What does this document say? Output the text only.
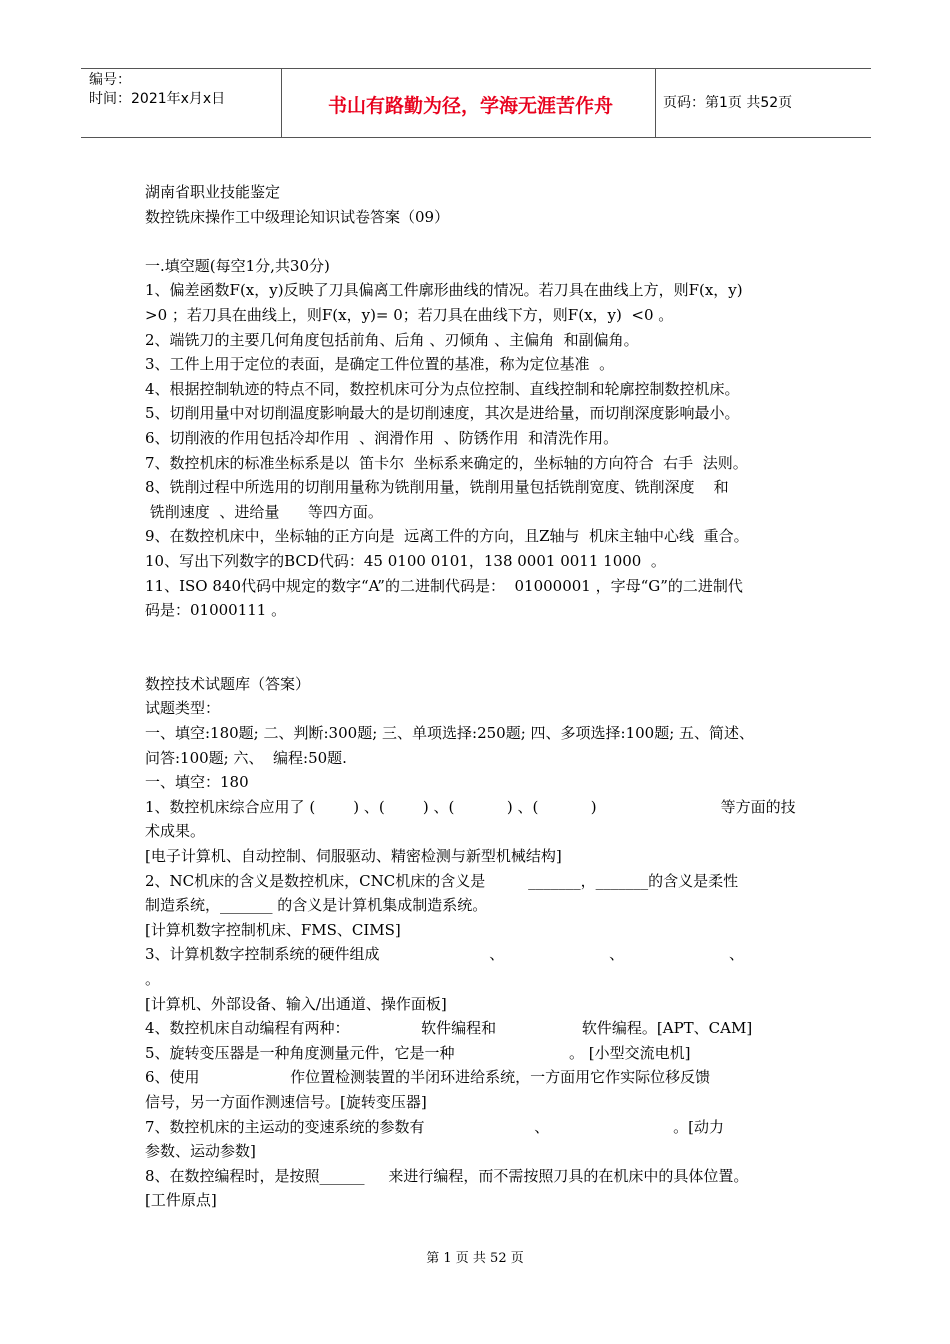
编号：
时间：2021年x月x日	书山有路勤为径，学海无涯苦作舟	页码：第1页 共52页

湖南省职业技能鉴定

数控铣床操作工中级理论知识试卷答案（09）

一.填空题(每空1分,共30分)

1、偏差函数F(x，y)反映了刀具偏离工件廓形曲线的情况。若刀具在曲线上方，则F(x，y)

>0 ；若刀具在曲线上，则F(x，y)= 0；若刀具在曲线下方，则F(x，y)  <0 。

2、端铣刀的主要几何角度包括前角、后角 、刃倾角 、主偏角  和副偏角。

3、工件上用于定位的表面，是确定工件位置的基准，称为定位基准  。

4、根据控制轨迹的特点不同，数控机床可分为点位控制、直线控制和轮廓控制数控机床。

5、切削用量中对切削温度影响最大的是切削速度，其次是进给量，而切削深度影响最小。

6、切削液的作用包括冷却作用  、润滑作用  、防锈作用  和清洗作用。

7、数控机床的标准坐标系是以  笛卡尔  坐标系来确定的，坐标轴的方向符合  右手  法则。

8、铣削过程中所选用的切削用量称为铣削用量，铣削用量包括铣削宽度、铣削深度    和

铣削速度  、进给量      等四方面。

9、在数控机床中，坐标轴的正方向是  远离工件的方向，且Z轴与  机床主轴中心线  重合。

10、写出下列数字的BCD代码：45 0100 0101，138 0001 0011 1000  。

11、ISO 840代码中规定的数字“A”的二进制代码是：  01000001 ，字母“G”的二进制代

码是：01000111 。

数控技术试题库（答案）

试题类型：

一、填空:180题; 二、判断:300题; 三、单项选择:250题; 四、多项选择:100题; 五、简述、

问答:100题; 六、  编程:50题.

一、填空：180

1、数控机床综合应用了 (        ) 、(        ) 、(           ) 、(           )                          等方面的技

术成果。

[电子计算机、自动控制、伺服驱动、精密检测与新型机械结构]

2、NC机床的含义是数控机床，CNC机床的含义是         _______，_______的含义是柔性

制造系统，_______ 的含义是计算机集成制造系统。

[计算机数字控制机床、FMS、CIMS]

3、计算机数字控制系统的硬件组成                       、                      、                      、

。

[计算机、外部设备、输入/出通道、操作面板]

4、数控机床自动编程有两种：               软件编程和                  软件编程。[APT、CAM]

5、旋转变压器是一种角度测量元件，它是一种                        。 [小型交流电机]

6、使用                   作位置检测装置的半闭环进给系统，一方面用它作实际位移反馈

信号，另一方面作测速信号。[旋转变压器]

7、数控机床的主运动的变速系统的参数有                       、                          。[动力

参数、运动参数]

8、在数控编程时，是按照______     来进行编程，而不需按照刀具的在机床中的具体位置。

[工件原点]

第 1 页 共 52 页
